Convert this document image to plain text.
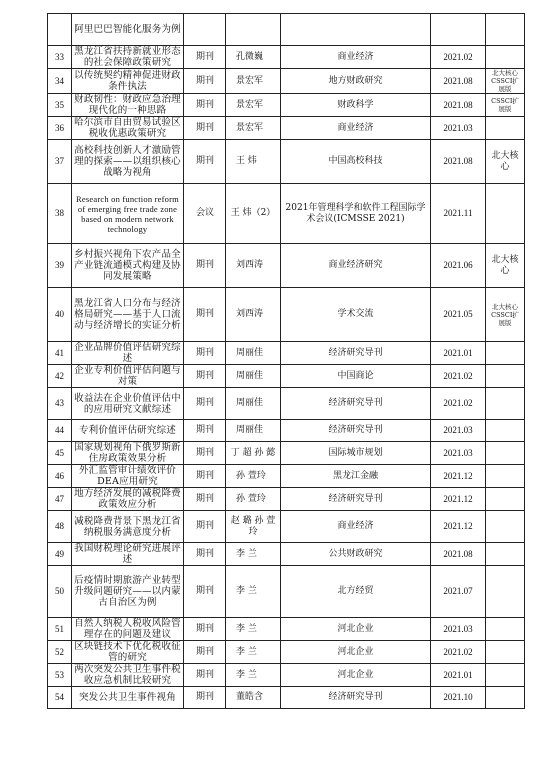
	阿里巴巴智能化服务为例					
33	黑龙江省扶持新就业形态的社会保障政策研究	期刊	孔微巍	商业经济	2021.02	
34	以传统契约精神促进财政条件执法	期刊	景宏军	地方财政研究	2021.08	北大核心CSSCI扩展版
35	财政韧性：财政应急治理现代化的一种思路	期刊	景宏军	财政科学	2021.08	CSSCI扩展版
36	哈尔滨市自由贸易试验区税收优惠政策研究	期刊	景宏军	商业经济	2021.03	
37	高校科技创新人才激励管理的探索——以组织核心战略为视角	期刊	王 炜	中国高校科技	2021.08	北大核心
38	Research on function reform of emerging free trade zone based on modern network technology	会议	王 炜（2）	2021年管理科学和软件工程国际学术会议(ICMSSE 2021)	2021.11	
39	乡村振兴视角下农产品全产业链流通模式构建及协同发展策略	期刊	刘西涛	商业经济研究	2021.06	北大核心
40	黑龙江省人口分布与经济格局研究——基于人口流动与经济增长的实证分析	期刊	刘西涛	学术交流	2021.05	北大核心CSSCI扩展版
41	企业品牌价值评估研究综述	期刊	周丽佳	经济研究导刊	2021.01	
42	企业专利价值评估问题与对策	期刊	周丽佳	中国商论	2021.02	
43	收益法在企业价值评估中的应用研究文献综述	期刊	周丽佳	经济研究导刊	2021.02	
44	专利价值评估研究综述	期刊	周丽佳	经济研究导刊	2021.03	
45	国家规划视角下俄罗斯新住房政策效果分析	期刊	丁 超 孙 懿	国际城市规划	2021.03	
46	外汇监管审计绩效评价DEA应用研究	期刊	孙 萱玲	黑龙江金融	2021.12	
47	地方经济发展的减税降费政策效应分析	期刊	孙 萱玲	经济研究导刊	2021.12	
48	减税降费背景下黑龙江省纳税服务满意度分析	期刊	赵 璐 孙 萱玲	商业经济	2021.12	
49	我国财税理论研究进展评述	期刊	李 兰	公共财政研究	2021.08	
50	后疫情时期旅游产业转型升级问题研究——以内蒙古自治区为例	期刊	李 兰	北方经贸	2021.07	
51	自然人纳税人税收风险管理存在的问题及建议	期刊	李 兰	河北企业	2021.03	
52	区块链技术下优化税收征管的研究	期刊	李 兰	河北企业	2021.02	
53	两次突发公共卫生事件税收应急机制比较研究	期刊	李 兰	河北企业	2021.01	
54	突发公共卫生事件视角	期刊	董皓含	经济研究导刊	2021.10	
